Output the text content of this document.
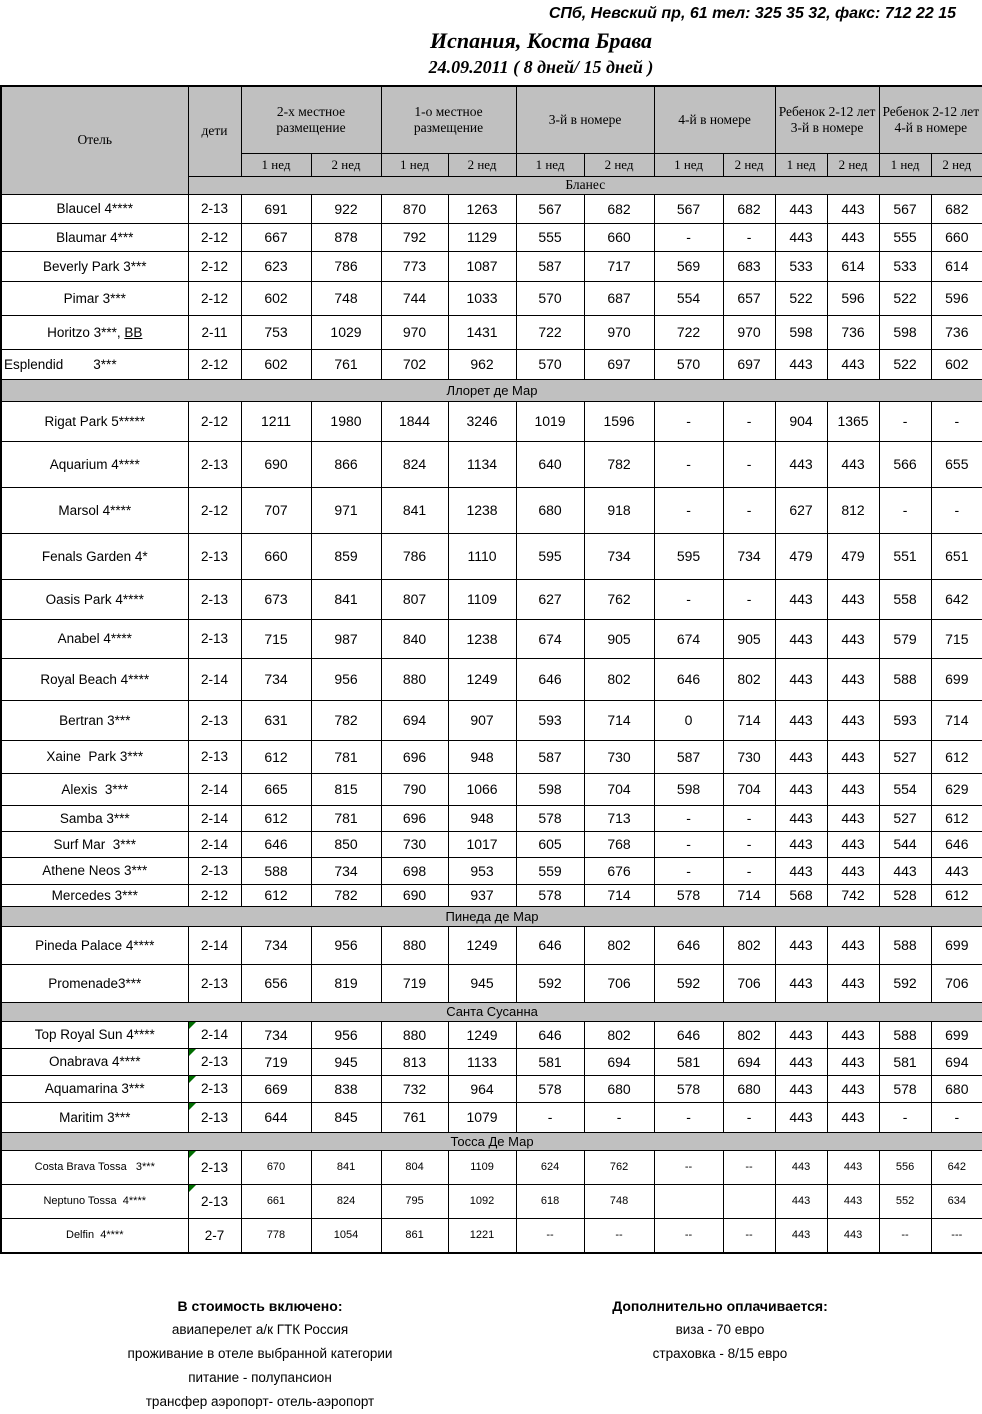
СПб, Невский пр, 61 тел: 325 35 32, факс: 712 22 15
Испания, Коста Брава
24.09.2011 ( 8 дней/ 15 дней )
Отель	дети	2-х местное размещение		1-о местное размещение		3-й в номере		4-й в номере		Ребенок 2-12 лет 3-й в номере		Ребенок 2-12 лет 4-й в номере	
		1 нед	2 нед	1 нед	2 нед	1 нед	2 нед	1 нед	2 нед	1 нед	2 нед	1 нед	2 нед
	Бланес												
Blaucel 4****	2-13	691	922	870	1263	567	682	567	682	443	443	567	682
Blaumar 4***	2-12	667	878	792	1129	555	660	-	-	443	443	555	660
Beverly Park 3***	2-12	623	786	773	1087	587	717	569	683	533	614	533	614
Pimar 3***	2-12	602	748	744	1033	570	687	554	657	522	596	522	596
Horitzo 3***, BB	2-11	753	1029	970	1431	722	970	722	970	598	736	598	736
Esplendid        3***	2-12	602	761	702	962	570	697	570	697	443	443	522	602
Ллорет де Мар													
Rigat Park 5*****	2-12	1211	1980	1844	3246	1019	1596	-	-	904	1365	-	-
Aquarium 4****	2-13	690	866	824	1134	640	782	-	-	443	443	566	655
Marsol 4****	2-12	707	971	841	1238	680	918	-	-	627	812	-	-
Fenals Garden 4*	2-13	660	859	786	1110	595	734	595	734	479	479	551	651
Oasis Park 4****	2-13	673	841	807	1109	627	762	-	-	443	443	558	642
Anabel 4****	2-13	715	987	840	1238	674	905	674	905	443	443	579	715
Royal Beach 4****	2-14	734	956	880	1249	646	802	646	802	443	443	588	699
Bertran 3***	2-13	631	782	694	907	593	714	0	714	443	443	593	714
Xaine  Park 3***	2-13	612	781	696	948	587	730	587	730	443	443	527	612
Alexis  3***	2-14	665	815	790	1066	598	704	598	704	443	443	554	629
Samba 3***	2-14	612	781	696	948	578	713	-	-	443	443	527	612
Surf Mar  3***	2-14	646	850	730	1017	605	768	-	-	443	443	544	646
Athene Neos 3***	2-13	588	734	698	953	559	676	-	-	443	443	443	443
Mercedes 3***	2-12	612	782	690	937	578	714	578	714	568	742	528	612
Пинеда де Мар													
Pineda Palace 4****	2-14	734	956	880	1249	646	802	646	802	443	443	588	699
Promenade3***	2-13	656	819	719	945	592	706	592	706	443	443	592	706
Санта Сусанна													
Top Royal Sun 4****	2-14	734	956	880	1249	646	802	646	802	443	443	588	699
Onabrava 4****	2-13	719	945	813	1133	581	694	581	694	443	443	581	694
Aquamarina 3***	2-13	669	838	732	964	578	680	578	680	443	443	578	680
Maritim 3***	2-13	644	845	761	1079	-	-	-	-	443	443	-	-
Тосса Де Мар													
Costa Brava Tossa   3***	2-13	670	841	804	1109	624	762	--	--	443	443	556	642
Neptuno Tossa  4****	2-13	661	824	795	1092	618	748			443	443	552	634
Delfin  4****	2-7	778	1054	861	1221	--	--	--	--	443	443	--	---
В стоимость включено:
авиаперелет а/к ГТК Россия
проживание в отеле выбранной категории
питание - полупансион
трансфер аэропорт- отель-аэропорт
Дополнительно оплачивается:
виза - 70 евро
страховка - 8/15 евро
